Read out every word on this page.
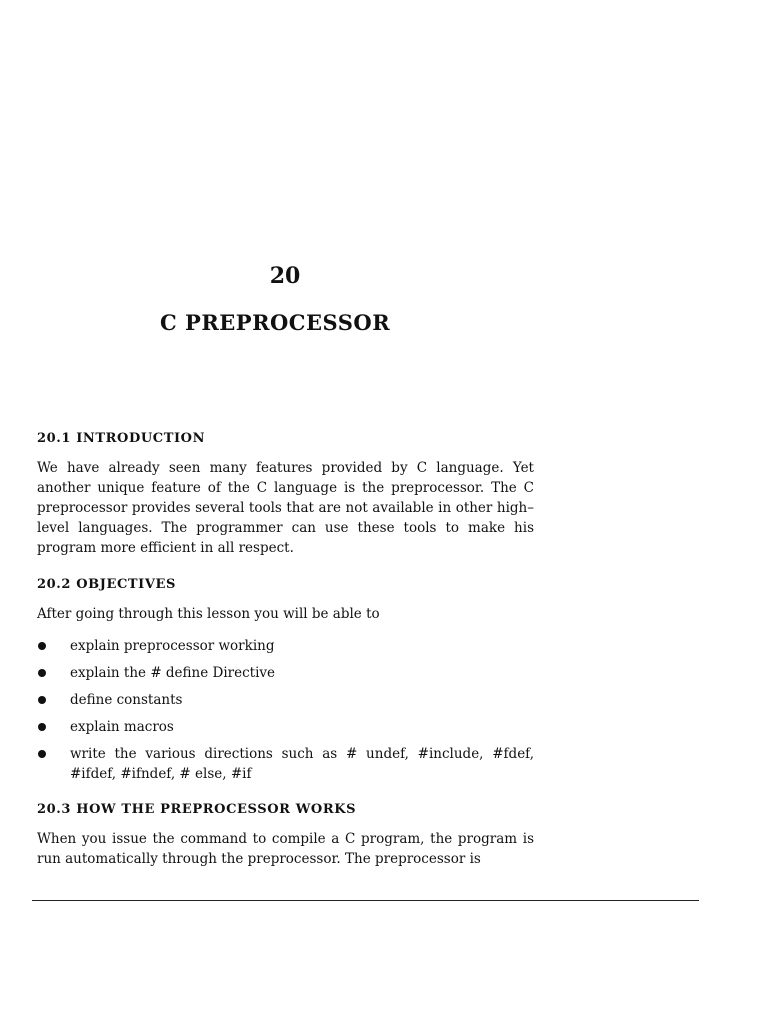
20
C PREPROCESSOR
20.1 INTRODUCTION

We have already seen many features provided by C language. Yet another unique feature of the C language is the preprocessor. The C preprocessor provides several tools that are not available in other high–level languages. The programmer can use these tools to make his program more efficient in all respect.

20.2 OBJECTIVES

After going through this lesson you will be able to

explain preprocessor working
explain the # define Directive
define constants
explain macros
write the various directions such as # undef, #include, #fdef, #ifdef, #ifndef, # else, #if
20.3 HOW THE PREPROCESSOR WORKS

When you issue the command to compile a C program, the program is run automatically through the preprocessor. The preprocessor is
